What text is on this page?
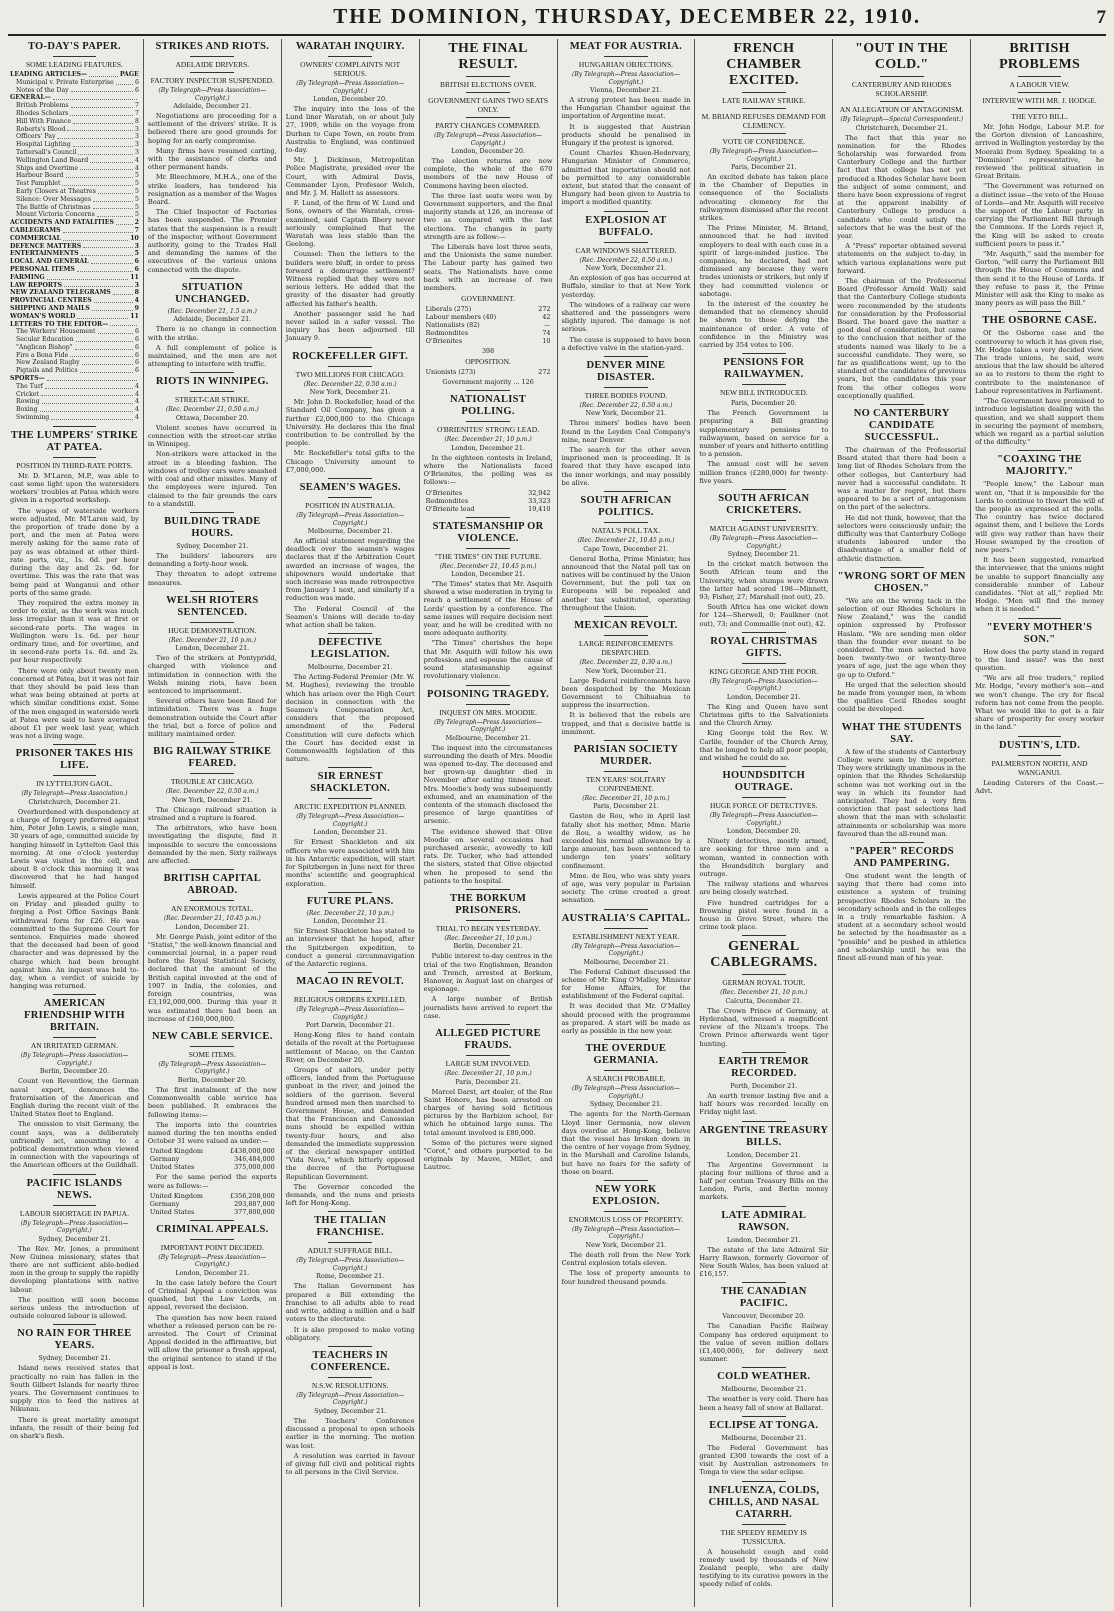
THE DOMINION, THURSDAY, DECEMBER 22, 1910.	7
TO-DAY'S PAPER.
SOME LEADING FEATURES.
LEADING ARTICLES—	PAGE
Municipal v. Private Enterprise	6
Notes of the Day	6
GENERAL—
British Problems	7
Rhodes Scholars	7
Hill With Finance	8
Roberts's Blood	3
Officers' Pay	3
Hospital Lighting	3
Tattersall's Council	3
Wellington Land Board	4
Ships and Overtime	4
Harbour Board	5
Test Pamphlet	5
Early Closers at Theatres	5
Silence: Over Messages	5
The Battle of Christmas	5
Mount Victoria Concerns	5
ACCIDENTS AND FATALITIES	2
CABLEGRAMS	7
COMMERCIAL	10
DEFENCE MATTERS	3
ENTERTAINMENTS	5
LOCAL AND GENERAL	6
PERSONAL ITEMS	6
FARMING	11
LAW REPORTS	3
NEW ZEALAND TELEGRAMS	8
PROVINCIAL CENTRES	4
SHIPPING AND MAILS	9
WOMAN'S WORLD	11
LETTERS TO THE EDITOR—
The Workers' Housement	6
Secular Education	6
"Anglican Bishop"	6
Fire a Bona Fide	6
New Zealand Rugby	6
Pigtails and Politics	6
SPORTS—
The Turf	4
Cricket	4
Rowing	4
Boxing	4
Swimming	4
THE LUMPERS' STRIKE AT PATEA.
POSITION IN THIRD-RATE PORTS.

Mr. D. M'Laren, M.P., was able to cast some light upon the watersiders workers' troubles at Patea which were given in a reported workshop.

The wages of waterside workers were adjusted, Mr. M'Laren said, by the proportion of trade done by a port, and the men at Patea were merely asking for the same rate of pay as was obtained at other third-rate ports, viz., 1s. 6d. per hour during the day and 2s. 6d. for overtime. This was the rate that was being paid at Wanganui and other ports of the same grade.

They required the extra money in order to exist, as the work was much less irregular than it was at first or second-rate ports. The wages in Wellington were 1s. 6d. per hour ordinary time, and for overtime, and in second-rate ports 1s. 6d. and 2s. per hour respectively.

There were only about twenty men concerned at Patea, but it was not fair that they should be paid less than what was being obtained at ports at which similar conditions exist. Some of the men engaged in waterside work at Patea were said to have averaged about £1 per week last year, which was not a living wage.

PRISONER TAKES HIS LIFE.
IN LYTTELTON GAOL.
(By Telegraph—Press Association.)
Christchurch, December 21.

Overburdened with despondency at a charge of forgery preferred against him, Peter John Lewis, a single man, 30 years of age, committed suicide by hanging himself in Lyttelton Gaol this morning. At one o'clock yesterday Lewis was visited in the cell, and about 8 o'clock this morning it was discovered that he had hanged himself.

Lewis appeared at the Police Court on Friday and pleaded guilty to forging a Post Office Savings Bank withdrawal form for £26. He was committed to the Supreme Court for sentence. Enquiries made showed that the deceased had been of good character and was depressed by the charge which had been brought against him. An inquest was held to-day, when a verdict of suicide by hanging was returned.

AMERICAN FRIENDSHIP WITH BRITAIN.
AN IRRITATED GERMAN.
(By Telegraph—Press Association—Copyright.)
Berlin, December 20.

Count von Reventlow, the German naval expert, denounces the fraternisation of the American and English during the recent visit of the United States fleet to England.

The omission to visit Germany, the count says, was a deliberately unfriendly act, amounting to a political demonstration when viewed in connection with the vapourings of the American officers at the Guildhall.

PACIFIC ISLANDS NEWS.
LABOUR SHORTAGE IN PAPUA.
(By Telegraph—Press Association—Copyright.)
Sydney, December 21.

The Rev. Mr. Jones, a prominent New Guinea missionary, states that there are not sufficient able-bodied men in the group to supply the rapidly developing plantations with native labour.

The position will soon become serious unless the introduction of outside coloured labour is allowed.

NO RAIN FOR THREE YEARS.
Sydney, December 21.

Island news received states that practically no rain has fallen in the South Gilbert Islands for nearly three years. The Government continues to supply rice to feed the natives at Nikunau.

There is great mortality amongst infants, the result of their being fed on shark's flesh.

STRIKES AND RIOTS.
ADELAIDE DRIVERS.
FACTORY INSPECTOR SUSPENDED.
(By Telegraph—Press Association—Copyright.)
Adelaide, December 21.

Negotiations are proceeding for a settlement of the drivers' strike. It is believed there are good grounds for hoping for an early compromise.

Many firms have resumed carting, with the assistance of clerks and other permanent hands.

Mr. Bleechmore, M.H.A., one of the strike leaders, has tendered his resignation as a member of the Wages Board.

The Chief Inspector of Factories has been suspended. The Premier states that the suspension is a result of the inspector, without Government authority, going to the Trades Hall and demanding the names of the executives of the various unions connected with the dispute.

SITUATION UNCHANGED.
(Rec. December 21, 1.5 a.m.)
Adelaide, December 21.

There is no change in connection with the strike.

A full complement of police is maintained, and the men are not attempting to interfere with traffic.

RIOTS IN WINNIPEG.
STREET-CAR STRIKE.
(Rec. December 21, 0.50 a.m.)
Ottawa, December 20.

Violent scenes have occurred in connection with the street-car strike in Winnipeg.

Non-strikers were attacked in the street in a bleeding fashion. The windows of trolley cars were smashed with coal and other missiles. Many of the employees were injured. Ten claimed to the fair grounds the cars to a standstill.

BUILDING TRADE HOURS.
Sydney, December 21.

The builders' labourers are demanding a forty-hour week.

They threaten to adopt extreme measures.

WELSH RIOTERS SENTENCED.
HUGE DEMONSTRATION.
(Rec. December 21, 10 p.m.)
London, December 21.

Two of the strikers at Pontypridd, charged with violence and intimidation in connection with the Welsh mining riots, have been sentenced to imprisonment.

Several others have been fined for intimidation. There was a huge demonstration outside the Court after the trial, but a force of police and military maintained order.

BIG RAILWAY STRIKE FEARED.
TROUBLE AT CHICAGO.
(Rec. December 22, 0.50 a.m.)
New York, December 21.

The Chicago railroad situation is strained and a rupture is feared.

The arbitrators, who have been investigating the dispute, find it impossible to secure the concessions demanded by the men. Sixty railways are affected.

BRITISH CAPITAL ABROAD.
AN ENORMOUS TOTAL.
(Rec. December 21, 10.45 p.m.)
London, December 21.

Mr. George Paish, joint editor of the "Statist," the well-known financial and commercial journal, in a paper read before the Royal Statistical Society, declared that the amount of the British capital invested at the end of 1907 in India, the colonies, and foreign countries, was £3,192,000,000. During this year it was estimated there had been an increase of £160,000,000.

NEW CABLE SERVICE.
SOME ITEMS.
(By Telegraph—Press Association—Copyright.)
Berlin, December 20.

The first instalment of the new Commonwealth cable service has been published. It embraces the following items:—

The imports into the countries named during the ten months ended October 31 were valued as under:—

United Kingdom	£438,000,000
Germany	346,484,000
United States	375,000,000

For the same period the exports were as follows:—

United Kingdom	£356,208,000
Germany	293,887,000
United States	377,800,000
CRIMINAL APPEALS.
IMPORTANT POINT DECIDED.
(By Telegraph—Press Association—Copyright.)
London, December 21.

In the case lately before the Court of Criminal Appeal a conviction was quashed, but the Law Lords, on appeal, reversed the decision.

The question has now been raised whether a released person can be re-arrested. The Court of Criminal Appeal decided in the affirmative, but will allow the prisoner a fresh appeal, the original sentence to stand if the appeal is lost.

WARATAH INQUIRY.
OWNERS' COMPLAINTS NOT SERIOUS.
(By Telegraph—Press Association—Copyright.)
London, December 20.

The inquiry into the loss of the Lund liner Waratah, on or about July 27, 1909, while on the voyage from Durban to Cape Town, en route from Australia to England, was continued to-day.

Mr. J. Dickinson, Metropolitan Police Magistrate, presided over the Court, with Admiral Davis, Commander Lyon, Professor Welch, and Mr. J. M. Hallett as assessors.

F. Lund, of the firm of W. Lund and Sons, owners of the Waratah, cross-examined, said Captain Ilbery never seriously complained that the Waratah was less stable than the Geelong.

Counsel: Then the letters to the builders were bluff, in order to press forward a demurrage settlement? Witness replied that they were not serious letters. He added that the gravity of the disaster had greatly affected his father's health.

Another passenger said he had never sailed in a safer vessel. The inquiry has been adjourned till January 9.

ROCKEFELLER GIFT.
TWO MILLIONS FOR CHICAGO.
(Rec. December 22, 0.50 a.m.)
New York, December 21.

Mr. John D. Rockefeller, head of the Standard Oil Company, has given a further £2,000,000 to the Chicago University. He declares this the final contribution to be controlled by the people.

Mr. Rockefeller's total gifts to the Chicago University amount to £7,000,000.

SEAMEN'S WAGES.
POSITION IN AUSTRALIA.
(By Telegraph—Press Association—Copyright.)
Melbourne, December 21.

An official statement regarding the deadlock over the seamen's wages declares that if the Arbitration Court awarded an increase of wages, the shipowners would undertake that such increase was made retrospective from January 1 next, and similarly if a reduction was made.

The Federal Council of the Seamen's Unions will decide to-day what action shall be taken.

DEFECTIVE LEGISLATION.
Melbourne, December 21.

The Acting-Federal Premier (Mr. W. M. Hughes), reviewing the trouble which has arisen over the High Court decision in connection with the Seamen's Compensation Act, considers that the proposed amendment of the Federal Constitution will cure defects which the Court has decided exist in Commonwealth legislation of this nature.

SIR ERNEST SHACKLETON.
ARCTIC EXPEDITION PLANNED.
(By Telegraph—Press Association—Copyright.)
London, December 21.

Sir Ernest Shackleton and six officers who were associated with him in his Antarctic expedition, will start for Spitzbergen in June next for three months' scientific and geographical exploration.

FUTURE PLANS.
(Rec. December 21, 10 p.m.)
London, December 21.

Sir Ernest Shackleton has stated to an interviewer that he hoped, after the Spitzbergen expedition, to conduct a general circumnavigation of the Antarctic regions.

MACAO IN REVOLT.
RELIGIOUS ORDERS EXPELLED.
(By Telegraph—Press Association—Copyright.)
Port Darwin, December 21.

Hong-Kong files to hand contain details of the revolt at the Portuguese settlement of Macao, on the Canton River, on December 20.

Groups of sailors, under petty officers, landed from the Portuguese gunboat in the river, and joined the soldiers of the garrison. Several hundred armed men then marched to Government House, and demanded that the Franciscan and Canossian nuns should be expelled within twenty-four hours, and also demanded the immediate suppression of the clerical newspaper entitled "Vida Nova," which bitterly opposed the decree of the Portuguese Republican Government.

The Governor conceded the demands, and the nuns and priests left for Hong-Kong.

THE ITALIAN FRANCHISE.
ADULT SUFFRAGE BILL.
(By Telegraph—Press Association—Copyright.)
Rome, December 21.

The Italian Government has prepared a Bill extending the franchise to all adults able to read and write, adding a million and a half voters to the electorate.

It is also proposed to make voting obligatory.

TEACHERS IN CONFERENCE.
N.S.W. RESOLUTIONS.
(By Telegraph—Press Association—Copyright.)
Sydney, December 21.

The Teachers' Conference discussed a proposal to open schools earlier in the morning. The motion was lost.

A resolution was carried in favour of giving full civil and political rights to all persons in the Civil Service.

THE FINAL RESULT.
BRITISH ELECTIONS OVER.
GOVERNMENT GAINS TWO SEATS ONLY.
PARTY CHANGES COMPARED.
(By Telegraph—Press Association—Copyright.)
London, December 20.

The election returns are now complete, the whole of the 670 members of the new House of Commons having been elected.

The three last seats were won by Government supporters, and the final majority stands at 126, an increase of two as compared with the last elections. The changes in party strength are as follow:—

The Liberals have lost three seats, and the Unionists the same number. The Labour party has gained two seats. The Nationalists have come back with an increase of two members.

GOVERNMENT.
Liberals (275)	272
Labour members (40)	42
Nationalists (82)	—
Redmondites	74
O'Brienites	10
398
OPPOSITION.
Unionists (273)	272
Government majority ... 126
NATIONALIST POLLING.
O'BRIENITES' STRONG LEAD.
(Rec. December 21, 10 p.m.)
London, December 21.

In the eighteen contests in Ireland, where the Nationalists faced O'Brienites, the polling was as follows:—

O'Brienites	32,942
Redmondites	33,323
O'Brienite lead	19,410
STATESMANSHIP OR VIOLENCE.
"THE TIMES" ON THE FUTURE.
(Rec. December 21, 10.45 p.m.)
London, December 21.

"The Times" states that Mr. Asquith showed a wise moderation in trying to reach a settlement of the House of Lords' question by a conference. The same issues will require decision next year, and he will be credited with no more adequate authority.

"The Times" cherishes the hope that Mr. Asquith will follow his own professions and espouse the cause of sound statesmanship against revolutionary violence.

POISONING TRAGEDY.
INQUEST ON MRS. MOODIE.
(By Telegraph—Press Association—Copyright.)
Melbourne, December 21.

The inquest into the circumstances surrounding the death of Mrs. Moodie was opened to-day. The deceased and her grown-up daughter died in November after eating tinned meat. Mrs. Moodie's body was subsequently exhumed, and an examination of the contents of the stomach disclosed the presence of large quantities of arsenic.

The evidence showed that Olive Moodie on several occasions had purchased arsenic, avowedly to kill rats. Dr. Tucker, who had attended the sisters, stated that Olive objected when he proposed to send the patients to the hospital.

THE BORKUM PRISONERS.
TRIAL TO BEGIN YESTERDAY.
(Rec. December 21, 10 p.m.)
Berlin, December 21.

Public interest to-day centres in the trial of the two Englishmen, Brandon and Trench, arrested at Borkum, Hanover, in August last on charges of espionage.

A large number of British journalists have arrived to report the case.

ALLEGED PICTURE FRAUDS.
LARGE SUM INVOLVED.
(Rec. December 21, 10 p.m.)
Paris, December 21.

Marcel Darst, art dealer, of the Rue Saint Honore, has been arrested on charges of having sold fictitious pictures by the Barbizon school, for which he obtained large sums. The total amount involved is £80,000.

Some of the pictures were signed "Corot," and others purported to be originals by Mauve, Millet, and Lautrec.

MEAT FOR AUSTRIA.
HUNGARIAN OBJECTIONS.
(By Telegraph—Press Association—Copyright.)
Vienna, December 21.

A strong protest has been made in the Hungarian Chamber against the importation of Argentine meat.

It is suggested that Austrian products should be penalised in Hungary if the protest is ignored.

Count Charles Khuen-Hedervary, Hungarian Minister of Commerce, admitted that importation should not be permitted to any considerable extent, but stated that the consent of Hungary had been given to Austria to import a modified quantity.

EXPLOSION AT BUFFALO.
CAR WINDOWS SHATTERED.
(Rec. December 22, 0.50 a.m.)
New York, December 21.

An explosion of gas has occurred at Buffalo, similar to that at New York yesterday.

The windows of a railway car were shattered and the passengers were slightly injured. The damage is not serious.

The cause is supposed to have been a defective valve in the station-yard.

DENVER MINE DISASTER.
THREE BODIES FOUND.
(Rec. December 22, 0.50 a.m.)
New York, December 21.

Three miners' bodies have been found in the Leyden Coal Company's mine, near Denver.

The search for the other seven imprisoned men is proceeding. It is feared that they have escaped into the inner workings, and may possibly be alive.

SOUTH AFRICAN POLITICS.
NATAL'S POLL TAX.
(Rec. December 21, 10.45 p.m.)
Cape Town, December 21.

General Botha, Prime Minister, has announced that the Natal poll tax on natives will be continued by the Union Government, but the poll tax on Europeans will be repealed and another tax substituted, operating throughout the Union.

MEXICAN REVOLT.
LARGE REINFORCEMENTS DESPATCHED.
(Rec. December 22, 0.30 a.m.)
New York, December 21.

Large Federal reinforcements have been despatched by the Mexican Government to Chihuahua to suppress the insurrection.

It is believed that the rebels are trapped, and that a decisive battle is imminent.

PARISIAN SOCIETY MURDER.
TEN YEARS' SOLITARY CONFINEMENT.
(Rec. December 21, 10 p.m.)
Paris, December 21.

Gaston de Rou, who in April last fatally shot his mother, Mme. Marie de Rou, a wealthy widow, as he exceeded his normal allowance by a large amount, has been sentenced to undergo ten years' solitary confinement.

Mme. de Rou, who was sixty years of age, was very popular in Parisian society. The crime created a great sensation.

AUSTRALIA'S CAPITAL.
ESTABLISHMENT NEXT YEAR.
(By Telegraph—Press Association—Copyright.)
Melbourne, December 21.

The Federal Cabinet discussed the scheme of Mr. King O'Malley, Minister for Home Affairs, for the establishment of the Federal capital.

It was decided that Mr. O'Malley should proceed with the programme as prepared. A start will be made as early as possible in the new year.

THE OVERDUE GERMANIA.
A SEARCH PROBABLE.
(By Telegraph—Press Association—Copyright.)
Sydney, December 21.

The agents for the North-German Lloyd liner Germania, now eleven days overdue at Hong-Kong, believe that the vessel has broken down in the centre of her voyage from Sydney, in the Marshall and Caroline Islands, but have no fears for the safety of those on board.

NEW YORK EXPLOSION.
ENORMOUS LOSS OF PROPERTY.
(By Telegraph—Press Association—Copyright.)
New York, December 21.

The death roll from the New York Central explosion totals eleven.

The loss of property amounts to four hundred thousand pounds.

FRENCH CHAMBER EXCITED.
LATE RAILWAY STRIKE.
M. BRIAND REFUSES DEMAND FOR CLEMENCY.
VOTE OF CONFIDENCE.
(By Telegraph—Press Association—Copyright.)
Paris, December 21.

An excited debate has taken place in the Chamber of Deputies in consequence of the Socialists advocating clemency for the railwaymen dismissed after the recent strikes.

The Prime Minister, M. Briand, announced that he had invited employers to deal with each case in a spirit of large-minded justice. The companies, he declared, had not dismissed any because they were trades unionists or strikers, but only if they had committed violence or sabotage.

In the interest of the country he demanded that no clemency should be shown to those defying the maintenance of order. A vote of confidence in the Ministry was carried by 354 votes to 106.

PENSIONS FOR RAILWAYMEN.
NEW BILL INTRODUCED.
Paris, December 20.

The French Government is preparing a Bill granting supplementary pensions to railwaymen, based on service for a number of years and hitherto entitling to a pension.

The annual cost will be seven million francs (£280,000) for twenty-five years.

SOUTH AFRICAN CRICKETERS.
MATCH AGAINST UNIVERSITY.
(By Telegraph—Press Association—Copyright.)
Sydney, December 21.

In the cricket match between the South African team and the University, when stumps were drawn the latter had scored 198—Minnett, 93; Fisher, 27; Marshall (not out), 25.

South Africa has one wicket down for 124—Sherwell, 0; Faulkner (not out), 73; and Commaille (not out), 42.

ROYAL CHRISTMAS GIFTS.
KING GEORGE AND THE POOR.
(By Telegraph—Press Association—Copyright.)
London, December 21.

The King and Queen have sent Christmas gifts to the Salvationists and the Church Army.

King George told the Rev. W. Carlile, founder of the Church Army, that he longed to help all poor people, and wished he could do so.

HOUNDSDITCH OUTRAGE.
HUGE FORCE OF DETECTIVES.
(By Telegraph—Press Association—Copyright.)
London, December 20.

Ninety detectives, mostly armed, are seeking for three men and a woman, wanted in connection with the Houndsditch burglary and outrage.

The railway stations and wharves are being closely watched.

Five hundred cartridges for a Browning pistol were found in a house in Grove Street, where the crime took place.

GENERAL CABLEGRAMS.
GERMAN ROYAL TOUR.
(Rec. December 21, 10 p.m.)
Calcutta, December 21.

The Crown Prince of Germany, at Hyderabad, witnessed a magnificent review of the Nizam's troops. The Crown Prince afterwards went tiger hunting.

EARTH TREMOR RECORDED.
Perth, December 21.

An earth tremor lasting five and a half hours was recorded locally on Friday night last.

ARGENTINE TREASURY BILLS.
London, December 21.

The Argentine Government is placing four millions of three and a half per centum Treasury Bills on the London, Paris, and Berlin money markets.

LATE ADMIRAL RAWSON.
London, December 21.

The estate of the late Admiral Sir Harry Rawson, formerly Governor of New South Wales, has been valued at £16,157.

THE CANADIAN PACIFIC.
Vancouver, December 20.

The Canadian Pacific Railway Company has ordered equipment to the value of seven million dollars (£1,400,000), for delivery next summer.

COLD WEATHER.
Melbourne, December 21.

The weather is very cold. There has been a heavy fall of snow at Ballarat.

ECLIPSE AT TONGA.
Melbourne, December 21.

The Federal Government has granted £300 towards the cost of a visit by Australian astronomers to Tonga to view the solar eclipse.

INFLUENZA, COLDS, CHILLS, AND NASAL CATARRH.
THE SPEEDY REMEDY IS TUSSICURA.

A household cough and cold remedy used by thousands of New Zealand people, who are daily testifying to its curative powers in the speedy relief of colds.

"OUT IN THE COLD."
CANTERBURY AND RHODES SCHOLARSHIP.
AN ALLEGATION OF ANTAGONISM.
(By Telegraph—Special Correspondent.)
Christchurch, December 21.

The fact that this year no nomination for the Rhodes Scholarship was forwarded from Canterbury College and the further fact that that college has not yet produced a Rhodes Scholar have been the subject of some comment, and there have been expressions of regret at the apparent inability of Canterbury College to produce a candidate who could satisfy the selectors that he was the best of the year.

A "Press" reporter obtained several statements on the subject to-day, in which various explanations were put forward.

The chairman of the Professorial Board (Professor Arnold Wall) said that the Canterbury College students were recommended by the students for consideration by the Professorial Board. The board gave the matter a good deal of consideration, but came to the conclusion that neither of the students named was likely to be a successful candidate. They were, so far as qualifications went, up to the standard of the candidates of previous years, but the candidates this year from the other colleges were exceptionally qualified.

NO CANTERBURY CANDIDATE SUCCESSFUL.

The chairman of the Professorial Board stated that there had been a long list of Rhodes Scholars from the other colleges, but Canterbury had never had a successful candidate. It was a matter for regret, but there appeared to be a sort of antagonism on the part of the selectors.

He did not think, however, that the selectors were consciously unfair; the difficulty was that Canterbury College students laboured under the disadvantage of a smaller field of athletic distinction.

"WRONG SORT OF MEN CHOSEN."

"We are on the wrong tack in the selection of our Rhodes Scholars in New Zealand," was the candid opinion expressed by Professor Haslam. "We are sending men older than the founder ever meant to be considered. The men selected have been twenty-two or twenty-three years of age, just the age when they go up to Oxford."

He urged that the selection should be made from younger men, in whom the qualities Cecil Rhodes sought could be developed.

WHAT THE STUDENTS SAY.

A few of the students of Canterbury College were seen by the reporter. They were strikingly unanimous in the opinion that the Rhodes Scholarship scheme was not working out in the way in which its founder had anticipated. They had a very firm conviction that past selections had shown that the man with scholastic attainments or scholarship was more favoured than the all-round man.

"PAPER" RECORDS AND PAMPERING.

One student went the length of saying that there had come into existence a system of training prospective Rhodes Scholars in the secondary schools and in the colleges in a truly remarkable fashion. A student at a secondary school would be selected by the headmaster as a "possible" and be pushed in athletics and scholarship until he was the finest all-round man of his year.

BRITISH PROBLEMS
A LABOUR VIEW.
INTERVIEW WITH MR. J. HODGE.
THE VETO BILL.

Mr. John Hodge, Labour M.P. for the Gorton division of Lancashire, arrived in Wellington yesterday by the Moeraki from Sydney. Speaking to a "Dominion" representative, he reviewed the political situation in Great Britain.

"The Government was returned on a distinct issue—the veto of the House of Lords—and Mr. Asquith will receive the support of the Labour party in carrying the Parliament Bill through the Commons. If the Lords reject it, the King will be asked to create sufficient peers to pass it."

"Mr. Asquith," said the member for Gorton, "will carry the Parliament Bill through the House of Commons and then send it to the House of Lords. If they refuse to pass it, the Prime Minister will ask the King to make as many peers as will pass the Bill."

THE OSBORNE CASE.

Of the Osborne case and the controversy to which it has given rise, Mr. Hodge takes a very decided view. The trade unions, he said, were anxious that the law should be altered so as to restore to them the right to contribute to the maintenance of Labour representatives in Parliament.

"The Government have promised to introduce legislation dealing with the question, and we shall support them in securing the payment of members, which we regard as a partial solution of the difficulty."

"COAXING THE MAJORITY."

"People know," the Labour man went on, "that it is impossible for the Lords to continue to thwart the will of the people as expressed at the polls. The country has twice declared against them, and I believe the Lords will give way rather than have their House swamped by the creation of new peers."

It has been suggested, remarked the interviewer, that the unions might be unable to support financially any considerable number of Labour candidates. "Not at all," replied Mr. Hodge. "Men will find the money when it is needed."

"EVERY MOTHER'S SON."

How does the party stand in regard to the land issue? was the next question.

"We are all free traders," replied Mr. Hodge, "every mother's son—and we won't change. The cry for fiscal reform has not come from the people. What we would like to get is a fair share of prosperity for every worker in the land."

DUSTIN'S, LTD.
PALMERSTON NORTH, AND WANGANUI.

Leading Caterers of the Coast.—Advt.
